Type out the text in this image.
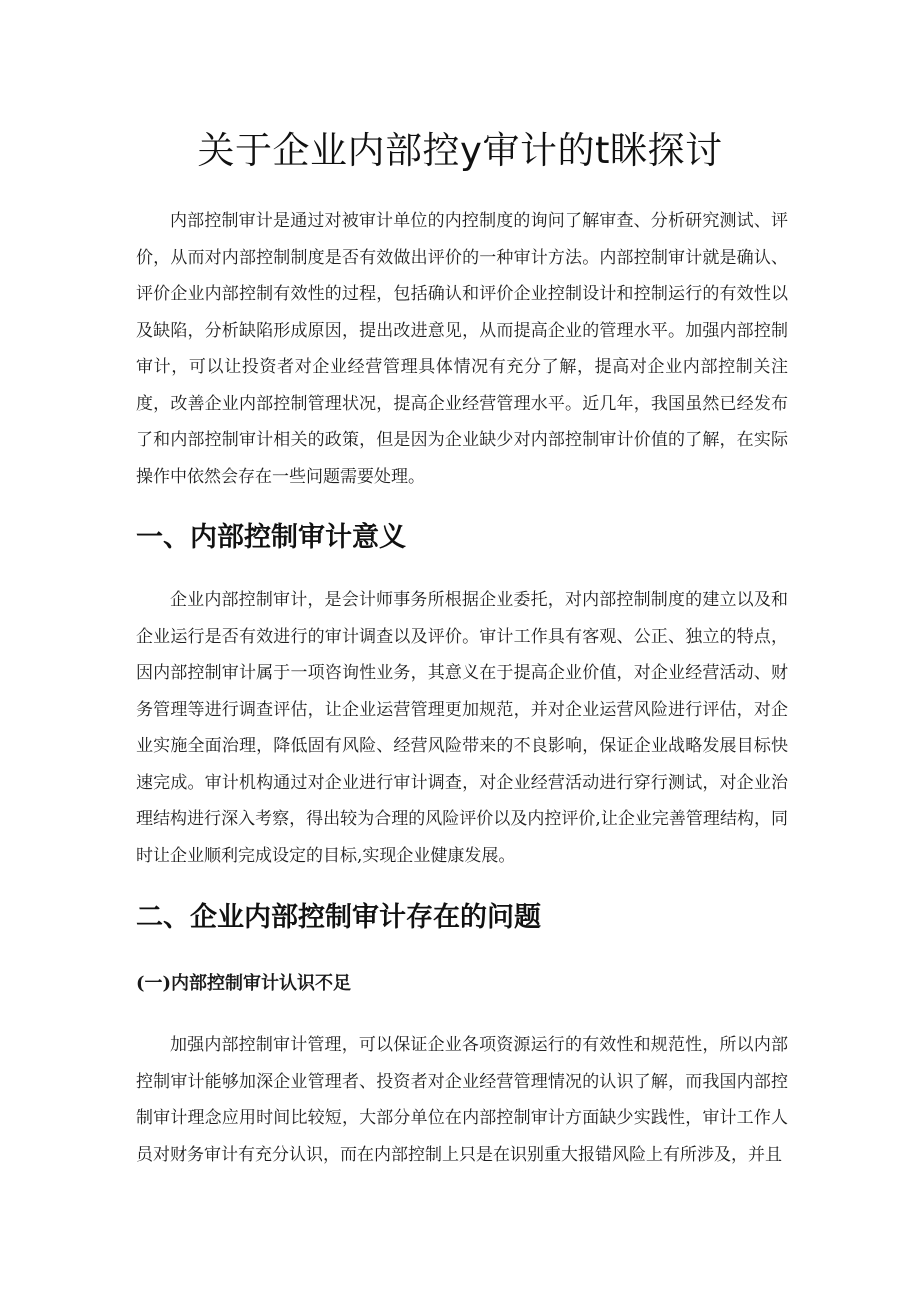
关于企业内部控y审计的t眯探讨

内部控制审计是通过对被审计单位的内控制度的询问了解审查、分析研究测试、评价，从而对内部控制制度是否有效做出评价的一种审计方法。内部控制审计就是确认、评价企业内部控制有效性的过程，包括确认和评价企业控制设计和控制运行的有效性以及缺陷，分析缺陷形成原因，提出改进意见，从而提高企业的管理水平。加强内部控制审计，可以让投资者对企业经营管理具体情况有充分了解，提高对企业内部控制关注度，改善企业内部控制管理状况，提高企业经营管理水平。近几年，我国虽然已经发布了和内部控制审计相关的政策，但是因为企业缺少对内部控制审计价值的了解，在实际操作中依然会存在一些问题需要处理。

一、内部控制审计意义

企业内部控制审计，是会计师事务所根据企业委托，对内部控制制度的建立以及和企业运行是否有效进行的审计调查以及评价。审计工作具有客观、公正、独立的特点，因内部控制审计属于一项咨询性业务，其意义在于提高企业价值，对企业经营活动、财务管理等进行调查评估，让企业运营管理更加规范，并对企业运营风险进行评估，对企业实施全面治理，降低固有风险、经营风险带来的不良影响，保证企业战略发展目标快速完成。审计机构通过对企业进行审计调查，对企业经营活动进行穿行测试，对企业治理结构进行深入考察，得出较为合理的风险评价以及内控评价,让企业完善管理结构，同时让企业顺利完成设定的目标,实现企业健康发展。

二、企业内部控制审计存在的问题
(一)内部控制审计认识不足

加强内部控制审计管理，可以保证企业各项资源运行的有效性和规范性，所以内部控制审计能够加深企业管理者、投资者对企业经营管理情况的认识了解，而我国内部控制审计理念应用时间比较短，大部分单位在内部控制审计方面缺少实践性，审计工作人员对财务审计有充分认识，而在内部控制上只是在识别重大报错风险上有所涉及，并且
